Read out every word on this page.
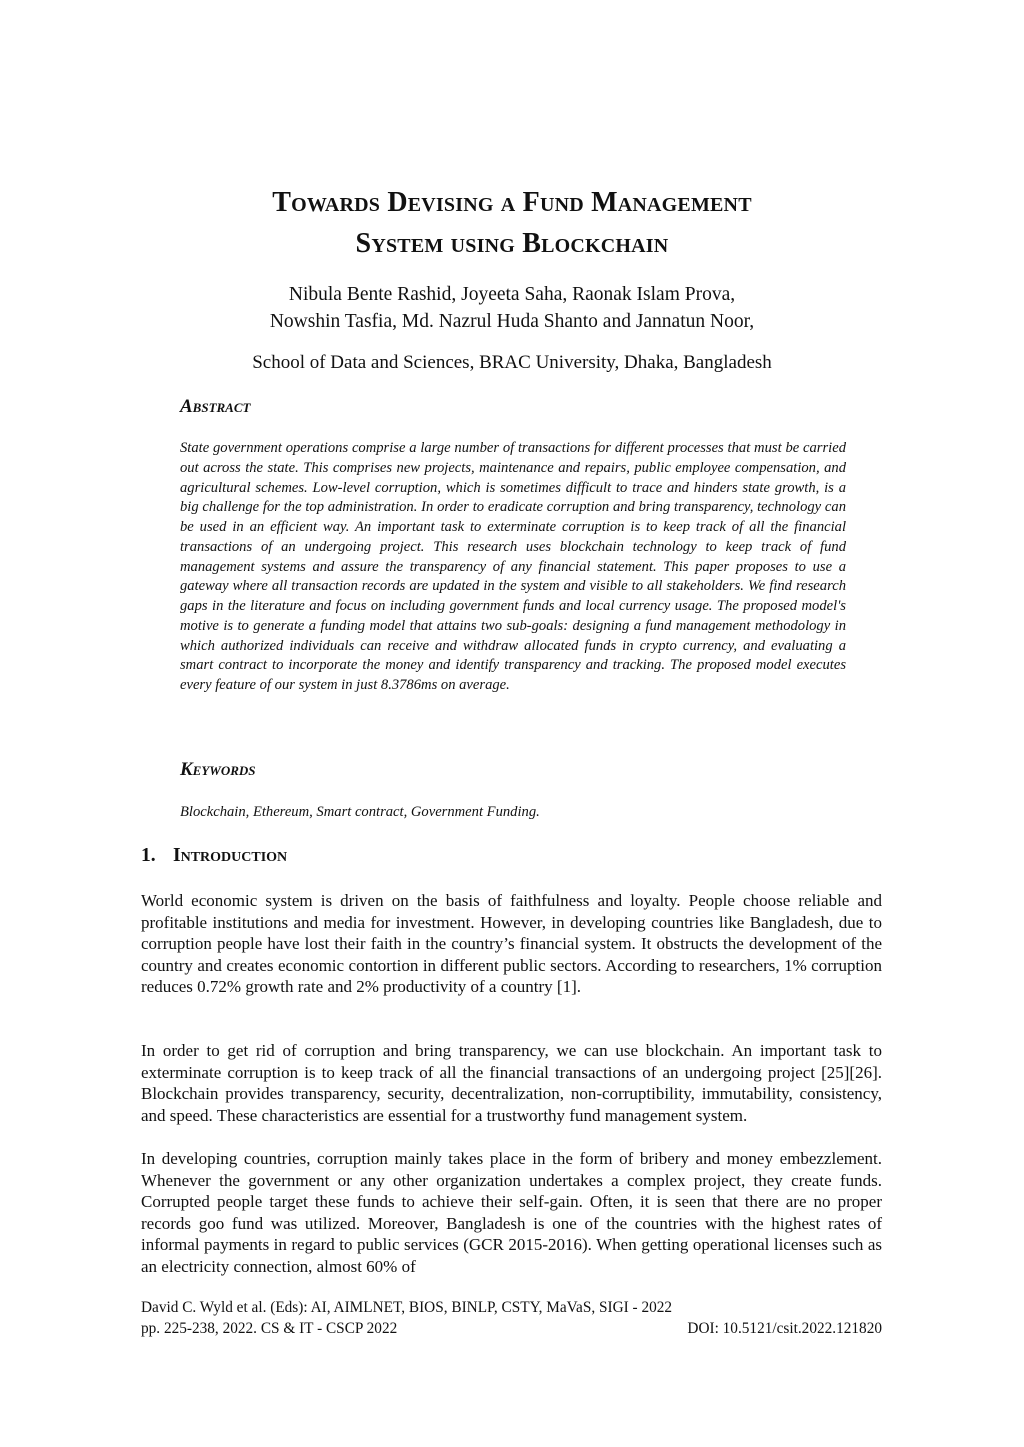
Towards Devising a Fund Management
System using Blockchain
Nibula Bente Rashid, Joyeeta Saha, Raonak Islam Prova,
Nowshin Tasfia, Md. Nazrul Huda Shanto and Jannatun Noor,
School of Data and Sciences, BRAC University, Dhaka, Bangladesh
Abstract

State government operations comprise a large number of transactions for different processes that must be carried out across the state. This comprises new projects, maintenance and repairs, public employee compensation, and agricultural schemes. Low-level corruption, which is sometimes difficult to trace and hinders state growth, is a big challenge for the top administration. In order to eradicate corruption and bring transparency, technology can be used in an efficient way. An important task to exterminate corruption is to keep track of all the financial transactions of an undergoing project. This research uses blockchain technology to keep track of fund management systems and assure the transparency of any financial statement. This paper proposes to use a gateway where all transaction records are updated in the system and visible to all stakeholders. We find research gaps in the literature and focus on including government funds and local currency usage. The proposed model's motive is to generate a funding model that attains two sub-goals: designing a fund management methodology in which authorized individuals can receive and withdraw allocated funds in crypto currency, and evaluating a smart contract to incorporate the money and identify transparency and tracking. The proposed model executes every feature of our system in just 8.3786ms on average.

Keywords

Blockchain, Ethereum, Smart contract, Government Funding.

1. Introduction

World economic system is driven on the basis of faithfulness and loyalty. People choose reliable and profitable institutions and media for investment. However, in developing countries like Bangladesh, due to corruption people have lost their faith in the country’s financial system. It obstructs the development of the country and creates economic contortion in different public sectors. According to researchers, 1% corruption reduces 0.72% growth rate and 2% productivity of a country [1].

In order to get rid of corruption and bring transparency, we can use blockchain. An important task to exterminate corruption is to keep track of all the financial transactions of an undergoing project [25][26]. Blockchain provides transparency, security, decentralization, non-corruptibility, immutability, consistency, and speed. These characteristics are essential for a trustworthy fund management system.

In developing countries, corruption mainly takes place in the form of bribery and money embezzlement. Whenever the government or any other organization undertakes a complex project, they create funds. Corrupted people target these funds to achieve their self-gain. Often, it is seen that there are no proper records goo fund was utilized. Moreover, Bangladesh is one of the countries with the highest rates of informal payments in regard to public services (GCR 2015-2016). When getting operational licenses such as an electricity connection, almost 60% of

David C. Wyld et al. (Eds): AI, AIMLNET, BIOS, BINLP, CSTY, MaVaS, SIGI - 2022
pp. 225-238, 2022. CS & IT - CSCP 2022	DOI: 10.5121/csit.2022.121820
